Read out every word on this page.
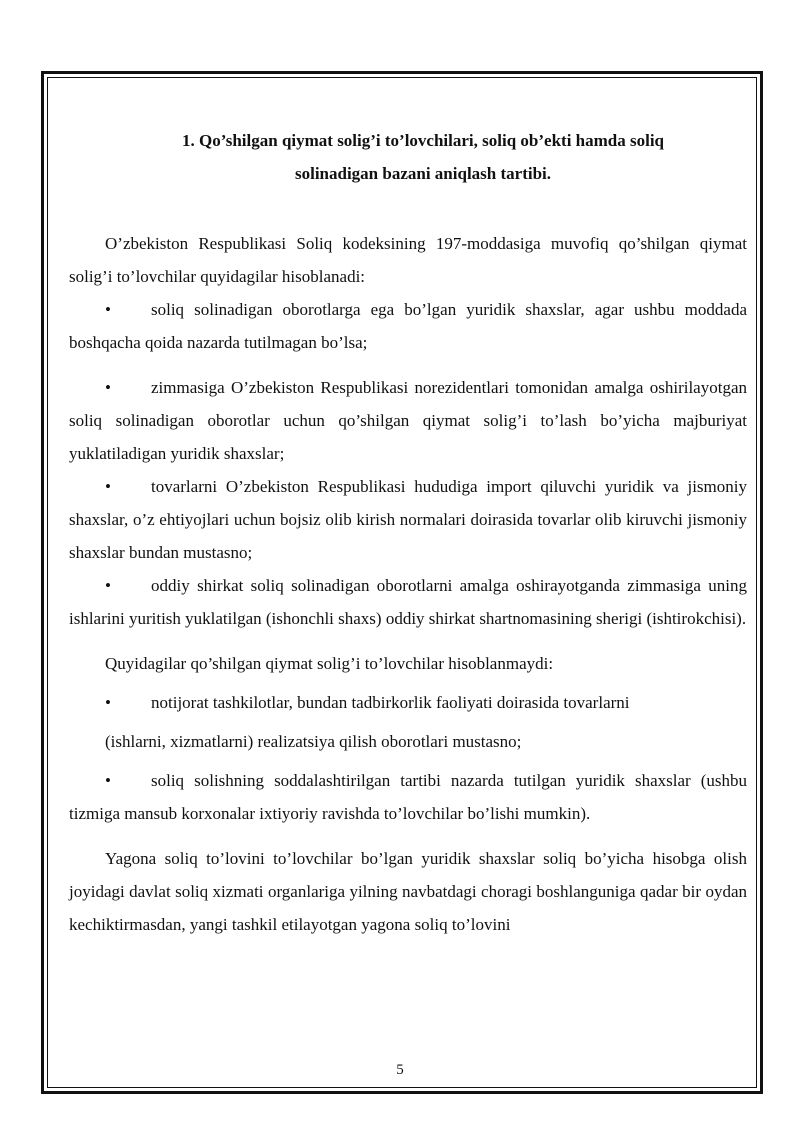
1. Qo’shilgan qiymat solig’i to’lovchilari, soliq ob’ekti hamda soliq
solinadigan bazani aniqlash tartibi.

O’zbekiston Respublikasi Soliq kodeksining 197-moddasiga muvofiq qo’shilgan qiymat solig’i to’lovchilar quyidagilar hisoblanadi:

• soliq solinadigan oborotlarga ega bo’lgan yuridik shaxslar, agar ushbu moddada boshqacha qoida nazarda tutilmagan bo’lsa;

• zimmasiga O’zbekiston Respublikasi norezidentlari tomonidan amalga oshirilayotgan soliq solinadigan oborotlar uchun qo’shilgan qiymat solig’i to’lash bo’yicha majburiyat yuklatiladigan yuridik shaxslar;

• tovarlarni O’zbekiston Respublikasi hududiga import qiluvchi yuridik va jismoniy shaxslar, o’z ehtiyojlari uchun bojsiz olib kirish normalari doirasida tovarlar olib kiruvchi jismoniy shaxslar bundan mustasno;

• oddiy shirkat soliq solinadigan oborotlarni amalga oshirayotganda zimmasiga uning ishlarini yuritish yuklatilgan (ishonchli shaxs) oddiy shirkat shartnomasining sherigi (ishtirokchisi).

Quyidagilar qo’shilgan qiymat solig’i to’lovchilar hisoblanmaydi:

• notijorat tashkilotlar, bundan tadbirkorlik faoliyati doirasida tovarlarni

(ishlarni, xizmatlarni) realizatsiya qilish oborotlari mustasno;

• soliq solishning soddalashtirilgan tartibi nazarda tutilgan yuridik shaxslar (ushbu tizmiga mansub korxonalar ixtiyoriy ravishda to’lovchilar bo’lishi mumkin).

Yagona soliq to’lovini to’lovchilar bo’lgan yuridik shaxslar soliq bo’yicha hisobga olish joyidagi davlat soliq xizmati organlariga yilning navbatdagi choragi boshlanguniga qadar bir oydan kechiktirmasdan, yangi tashkil etilayotgan yagona soliq to’lovini

5
